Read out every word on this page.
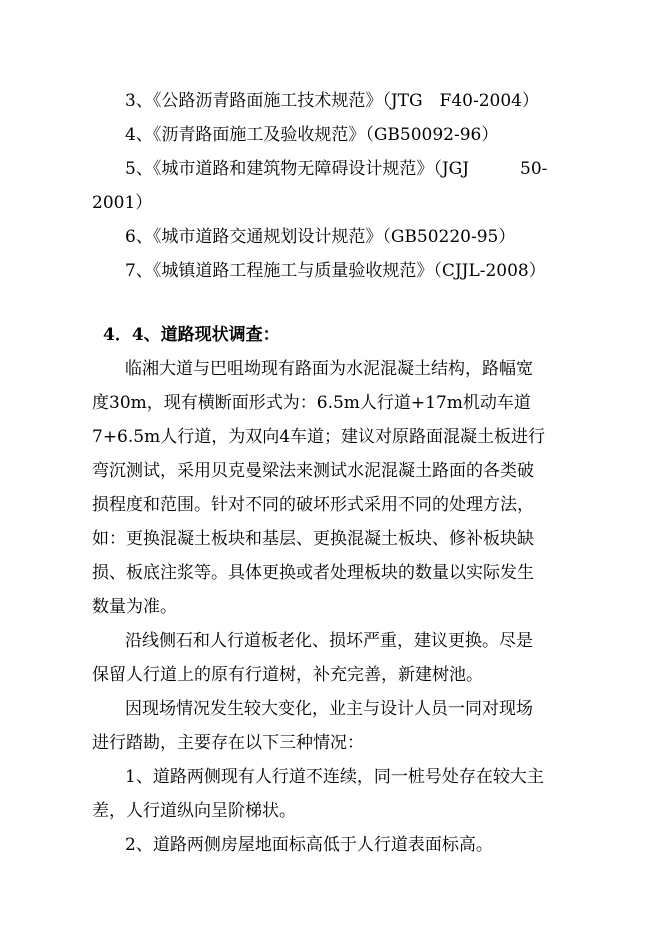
3、《公路沥青路面施工技术规范》（JTG　F40-2004）
4、《沥青路面施工及验收规范》（GB50092-96）
5、《城市道路和建筑物无障碍设计规范》（JGJ　　　50-
2001）
6、《城市道路交通规划设计规范》（GB50220-95）
7、《城镇道路工程施工与质量验收规范》（CJJL-2008）
4．4、道路现状调查：
临湘大道与巴咀坳现有路面为水泥混凝土结构，路幅宽
度30m，现有横断面形式为：6.5m人行道+17m机动车道
7+6.5m人行道，为双向4车道；建议对原路面混凝土板进行
弯沉测试，采用贝克曼梁法来测试水泥混凝土路面的各类破
损程度和范围。针对不同的破坏形式采用不同的处理方法，
如：更换混凝土板块和基层、更换混凝土板块、修补板块缺
损、板底注浆等。具体更换或者处理板块的数量以实际发生
数量为准。
沿线侧石和人行道板老化、损坏严重，建议更换。尽是
保留人行道上的原有行道树，补充完善，新建树池。
因现场情况发生较大变化，业主与设计人员一同对现场
进行踏勘，主要存在以下三种情况：
1、道路两侧现有人行道不连续，同一桩号处存在较大主
差，人行道纵向呈阶梯状。
2、道路两侧房屋地面标高低于人行道表面标高。
